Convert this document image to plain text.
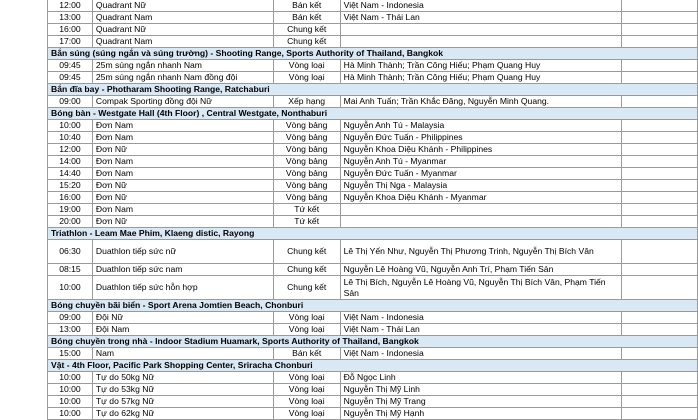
12:00	Quadrant Nữ	Bán kết	Việt Nam - Indonesia	
13:00	Quadrant Nam	Bán kết	Việt Nam - Thái Lan	
16:00	Quadrant Nữ	Chung kết		
17:00	Quadrant Nam	Chung kết		
Bắn súng (súng ngắn và súng trường) - Shooting Range, Sports Authority of Thailand, Bangkok				
09:45	25m súng ngắn nhanh Nam	Vòng loại	Hà Minh Thành; Trần Công Hiếu; Phạm Quang Huy	
09:45	25m súng ngắn nhanh Nam đồng đội	Vòng loại	Hà Minh Thành; Trần Công Hiếu; Phạm Quang Huy	
Bắn đĩa bay - Photharam Shooting Range, Ratchaburi				
09:00	Compak Sporting đồng đội Nữ	Xếp hạng	Mai Anh Tuấn; Trần Khắc Đăng, Nguyễn Minh Quang.	
Bóng bàn - Westgate Hall (4th Floor) , Central Westgate, Nonthaburi				
10:00	Đơn Nam	Vòng bảng	Nguyễn Anh Tú - Malaysia	
10:40	Đơn Nam	Vòng bảng	Nguyễn Đức Tuấn - Philippines	
12:00	Đơn Nữ	Vòng bảng	Nguyễn Khoa Diệu Khánh - Philippines	
14:00	Đơn Nam	Vòng bảng	Nguyễn Anh Tú - Myanmar	
14:40	Đơn Nam	Vòng bảng	Nguyễn Đức Tuấn - Myanmar	
15:20	Đơn Nữ	Vòng bảng	Nguyễn Thị Nga - Malaysia	
16:00	Đơn Nữ	Vòng bảng	Nguyễn Khoa Diệu Khánh - Myanmar	
19:00	Đơn Nam	Tứ kết		
20:00	Đơn Nữ	Tứ kết		
Triathlon - Leam Mae Phim, Klaeng distic, Rayong				
06:30	Duathlon tiếp sức nữ	Chung kết	Lê Thị Yến Như, Nguyễn Thị Phương Trinh, Nguyễn Thị Bích Vân	
08:15	Duathlon tiếp sức nam	Chung kết	Nguyễn Lê Hoàng Vũ, Nguyễn Anh Trí, Phạm Tiến Sản	
10:00	Duathlon tiếp sức hỗn hợp	Chung kết	Lê Thị Bích, Nguyễn Lê Hoàng Vũ, Nguyễn Thị Bích Vân, Phạm Tiến Sản	
Bóng chuyền bãi biển - Sport Arena Jomtien Beach, Chonburi				
09:00	Đội Nữ	Vòng loại	Việt Nam - Indonesia	
13:00	Đội Nam	Vòng loại	Việt Nam - Thái Lan	
Bóng chuyền trong nhà - Indoor Stadium Huamark, Sports Authority of Thailand, Bangkok				
15:00	Nam	Bán kết	Việt Nam - Indonesia	
Vật - 4th Floor, Pacific Park Shopping Center, Sriracha Chonburi				
10:00	Tự do 50kg Nữ	Vòng loại	Đỗ Ngọc Linh	
10:00	Tự do 53kg Nữ	Vòng loại	Nguyễn Thị Mỹ Linh	
10:00	Tự do 57kg Nữ	Vòng loại	Nguyễn Thị Mỹ Trang	
10:00	Tự do 62kg Nữ	Vòng loại	Nguyễn Thị Mỹ Hạnh	
